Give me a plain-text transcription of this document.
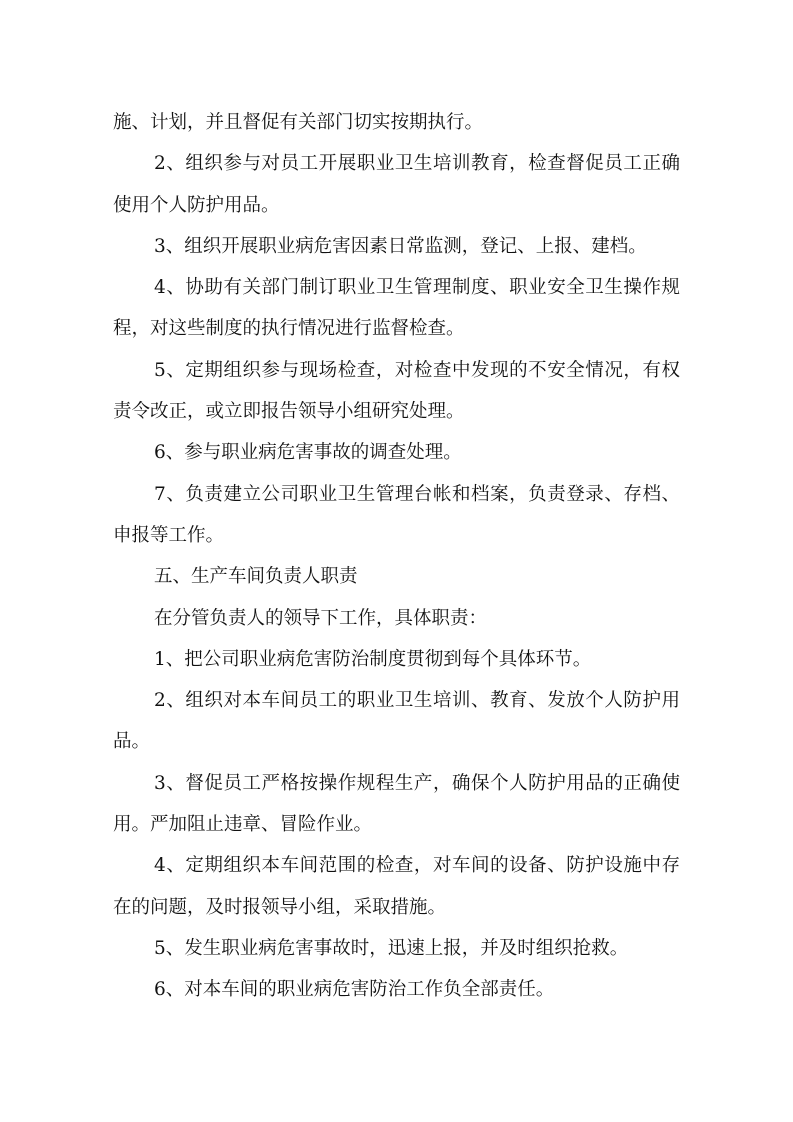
施、计划，并且督促有关部门切实按期执行。
2、组织参与对员工开展职业卫生培训教育，检查督促员工正确
使用个人防护用品。
3、组织开展职业病危害因素日常监测，登记、上报、建档。
4、协助有关部门制订职业卫生管理制度、职业安全卫生操作规
程，对这些制度的执行情况进行监督检查。
5、定期组织参与现场检查，对检查中发现的不安全情况，有权
责令改正，或立即报告领导小组研究处理。
6、参与职业病危害事故的调查处理。
7、负责建立公司职业卫生管理台帐和档案，负责登录、存档、
申报等工作。
五、生产车间负责人职责
在分管负责人的领导下工作，具体职责：
1、把公司职业病危害防治制度贯彻到每个具体环节。
2、组织对本车间员工的职业卫生培训、教育、发放个人防护用
品。
3、督促员工严格按操作规程生产，确保个人防护用品的正确使
用。严加阻止违章、冒险作业。
4、定期组织本车间范围的检查，对车间的设备、防护设施中存
在的问题，及时报领导小组，采取措施。
5、发生职业病危害事故时，迅速上报，并及时组织抢救。
6、对本车间的职业病危害防治工作负全部责任。
